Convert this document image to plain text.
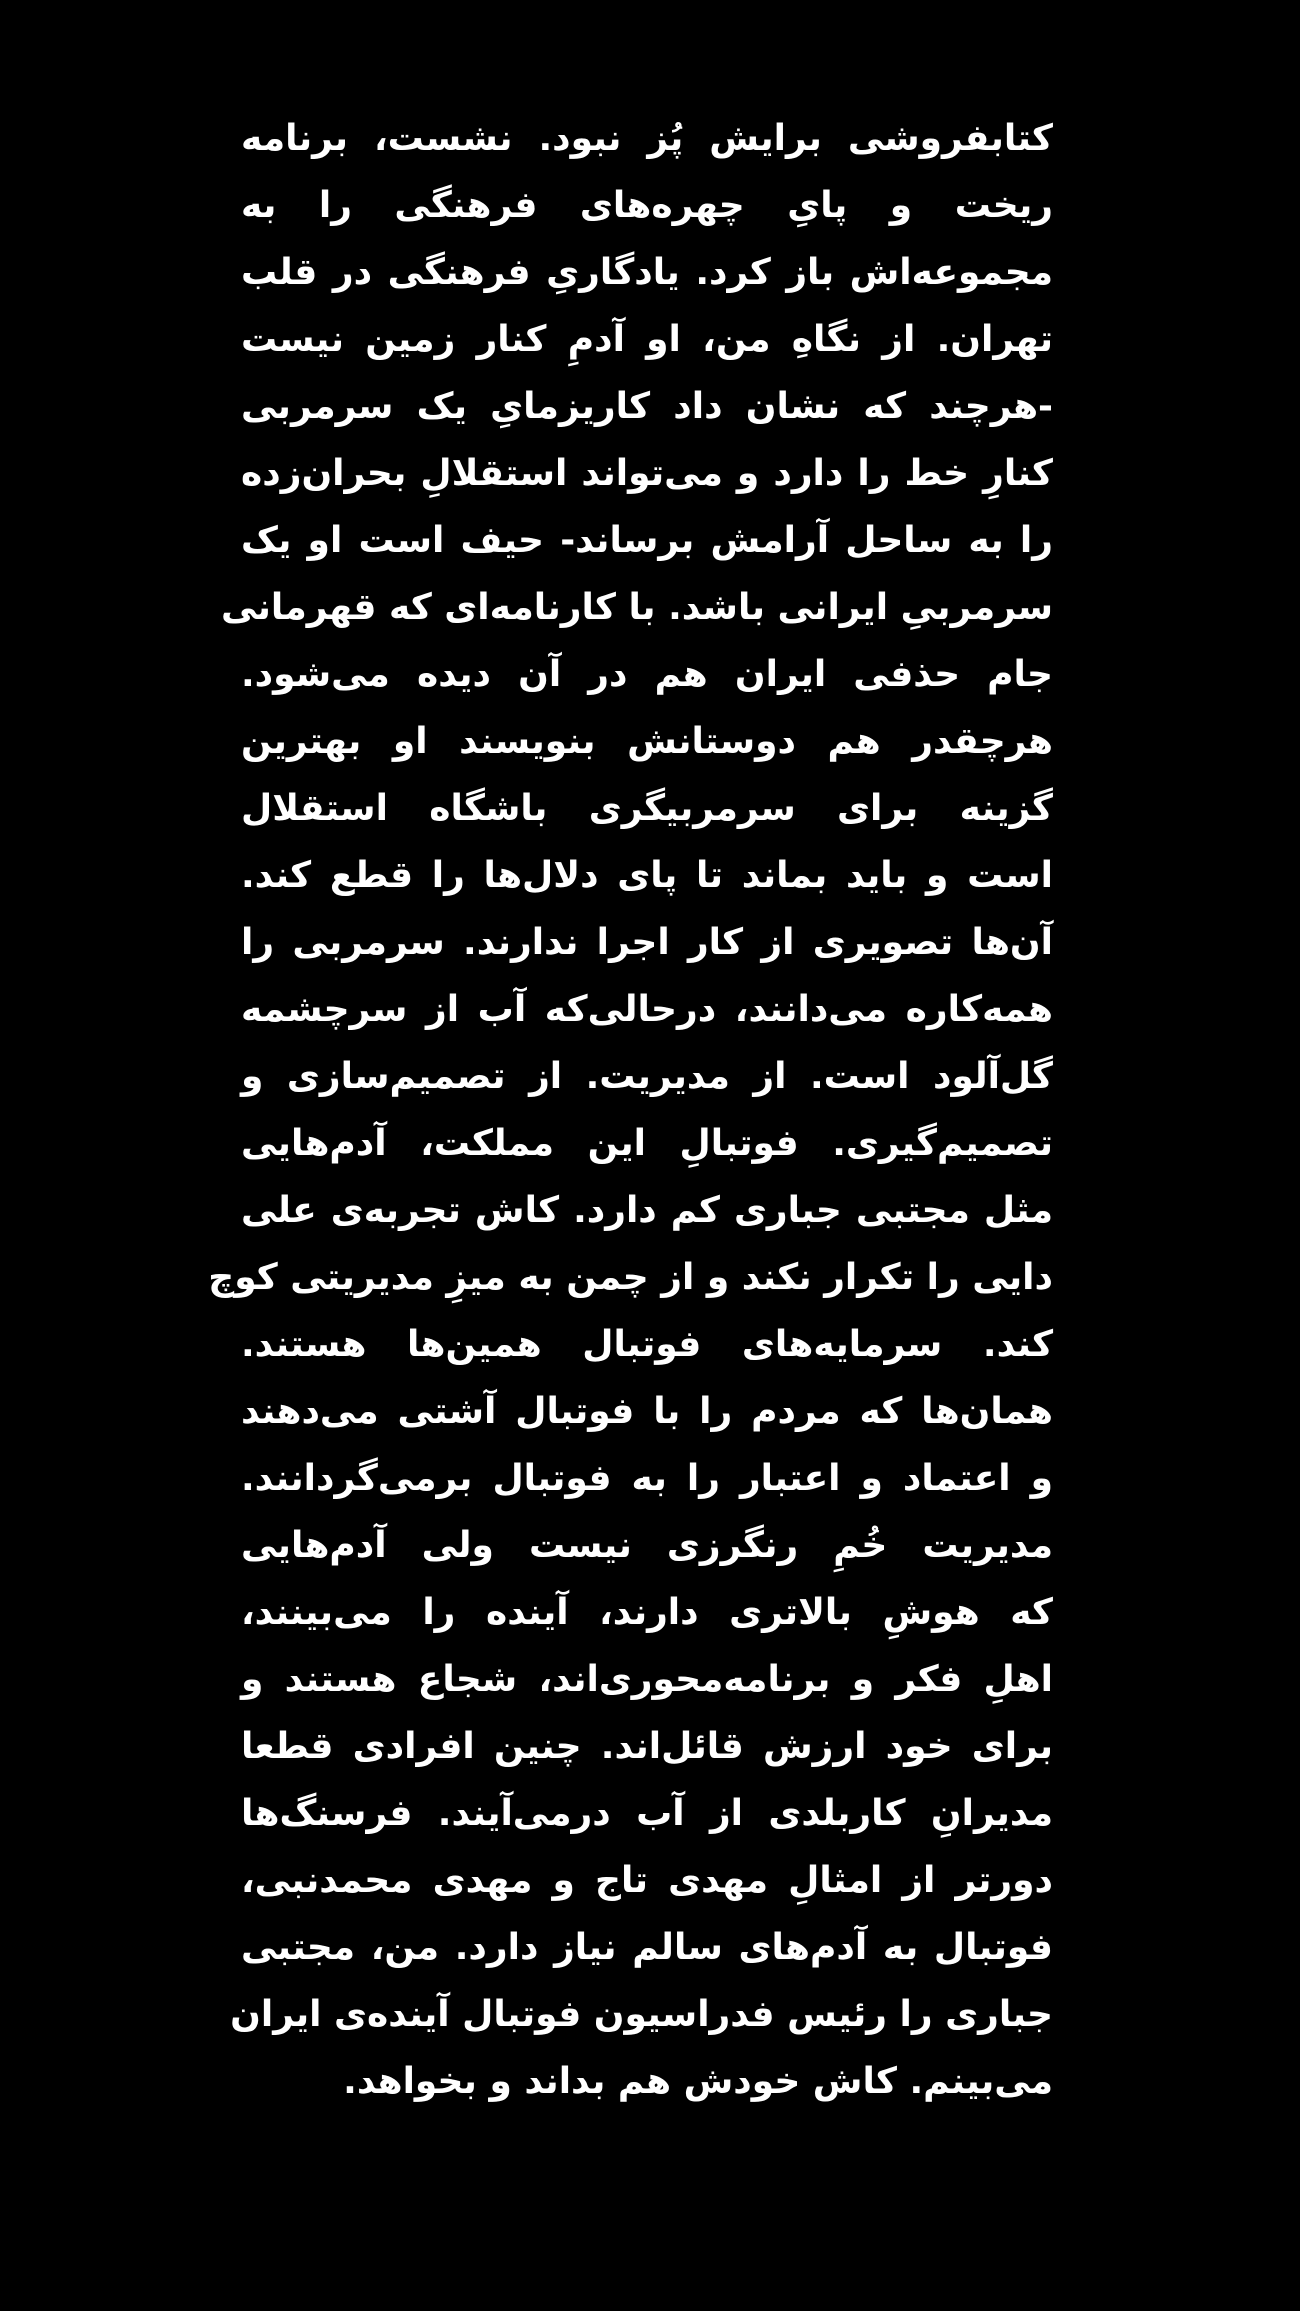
کتابفروشی برایش پُز نبود. نشست، برنامه
ریخت و پایِ چهره‌های فرهنگی را به
مجموعه‌اش باز کرد. یادگاریِ فرهنگی در قلب
تهران. از نگاهِ من، او آدمِ کنار زمین نیست
-هرچند که نشان داد کاریزمایِ یک سرمربی
کنارِ خط را دارد و می‌تواند استقلالِ بحران‌زده
را به ساحل آرامش برساند- حیف است او یک
سرمربیِ ایرانی باشد. با کارنامه‌ای که قهرمانی
جام حذفی ایران هم در آن دیده می‌شود.
هرچقدر هم دوستانش بنویسند او بهترین
گزینه برای سرمربیگری باشگاه استقلال
است و باید بماند تا پای دلال‌ها را قطع کند.
آن‌ها تصویری از کار اجرا ندارند. سرمربی را
همه‌کاره می‌دانند، درحالی‌که آب از سرچشمه
گل‌آلود است. از مدیریت. از تصمیم‌سازی و
تصمیم‌گیری. فوتبالِ این مملکت، آدم‌هایی
مثل مجتبی جباری کم دارد. کاش تجربه‌ی علی
دایی را تکرار نکند و از چمن به میزِ مدیریتی کوچ
کند. سرمایه‌های فوتبال همین‌ها هستند.
همان‌ها که مردم را با فوتبال آشتی می‌دهند
و اعتماد و اعتبار را به فوتبال برمی‌گردانند.
مدیریت خُمِ رنگرزی نیست ولی آدم‌هایی
که هوشِ بالاتری دارند، آینده را می‌بینند،
اهلِ فکر و برنامه‌محوری‌اند، شجاع هستند و
برای خود ارزش قائل‌اند. چنین افرادی قطعا
مدیرانِ کاربلدی از آب درمی‌آیند. فرسنگ‌ها
دورتر از امثالِ مهدی تاج و مهدی محمدنبی،
فوتبال به آدم‌های سالم نیاز دارد. من، مجتبی
جباری را رئیس فدراسیون فوتبال آینده‌ی ایران
می‌بینم. کاش خودش هم بداند و بخواهد.
